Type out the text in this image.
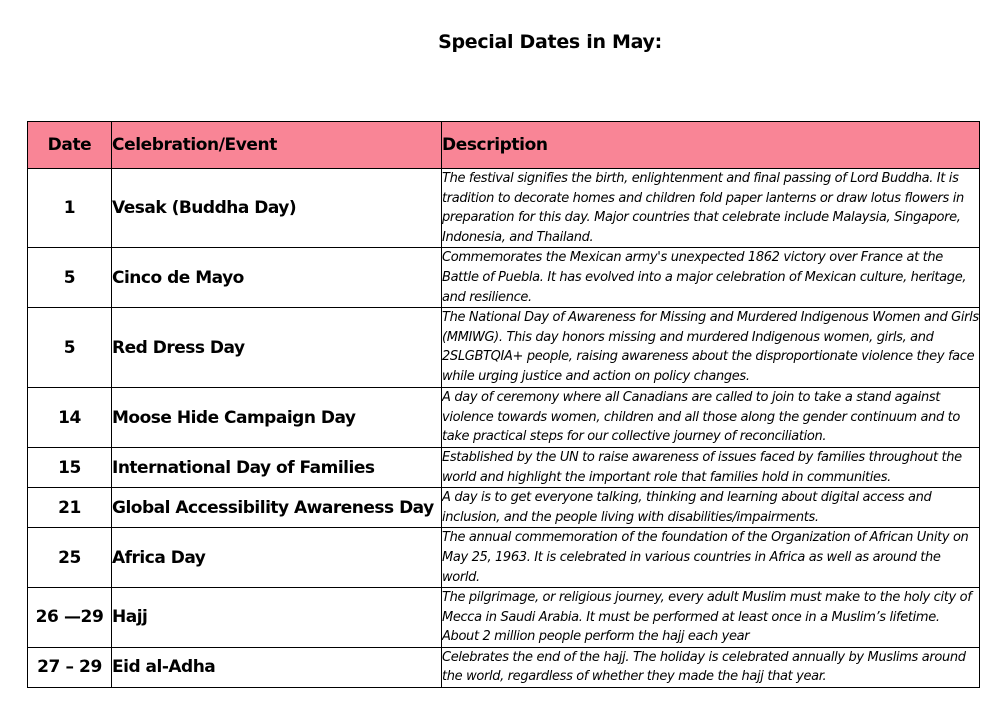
Special Dates in May:
Date	Celebration/Event	Description
1	Vesak (Buddha Day)	The festival signifies the birth, enlightenment and final passing of Lord Buddha. It is tradition to decorate homes and children fold paper lanterns or draw lotus flowers in preparation for this day. Major countries that celebrate include Malaysia, Singapore, Indonesia, and Thailand.
5	Cinco de Mayo	Commemorates the Mexican army's unexpected 1862 victory over France at the Battle of Puebla. It has evolved into a major celebration of Mexican culture, heritage, and resilience.
5	Red Dress Day	The National Day of Awareness for Missing and Murdered Indigenous Women and Girls (MMIWG). This day honors missing and murdered Indigenous women, girls, and 2SLGBTQIA+ people, raising awareness about the disproportionate violence they face while urging justice and action on policy changes.
14	Moose Hide Campaign Day	A day of ceremony where all Canadians are called to join to take a stand against violence towards women, children and all those along the gender continuum and to take practical steps for our collective journey of reconciliation.
15	International Day of Families	Established by the UN to raise awareness of issues faced by families throughout the world and highlight the important role that families hold in communities.
21	Global Accessibility Awareness Day	A day is to get everyone talking, thinking and learning about digital access and inclusion, and the people living with disabilities/impairments.
25	Africa Day	The annual commemoration of the foundation of the Organization of African Unity on May 25, 1963. It is celebrated in various countries in Africa as well as around the world.
26 —29	Hajj	The pilgrimage, or religious journey, every adult Muslim must make to the holy city of Mecca in Saudi Arabia. It must be performed at least once in a Muslim’s lifetime. About 2 million people perform the hajj each year
27 – 29	Eid al-Adha	Celebrates the end of the hajj. The holiday is celebrated annually by Muslims around the world, regardless of whether they made the hajj that year.
